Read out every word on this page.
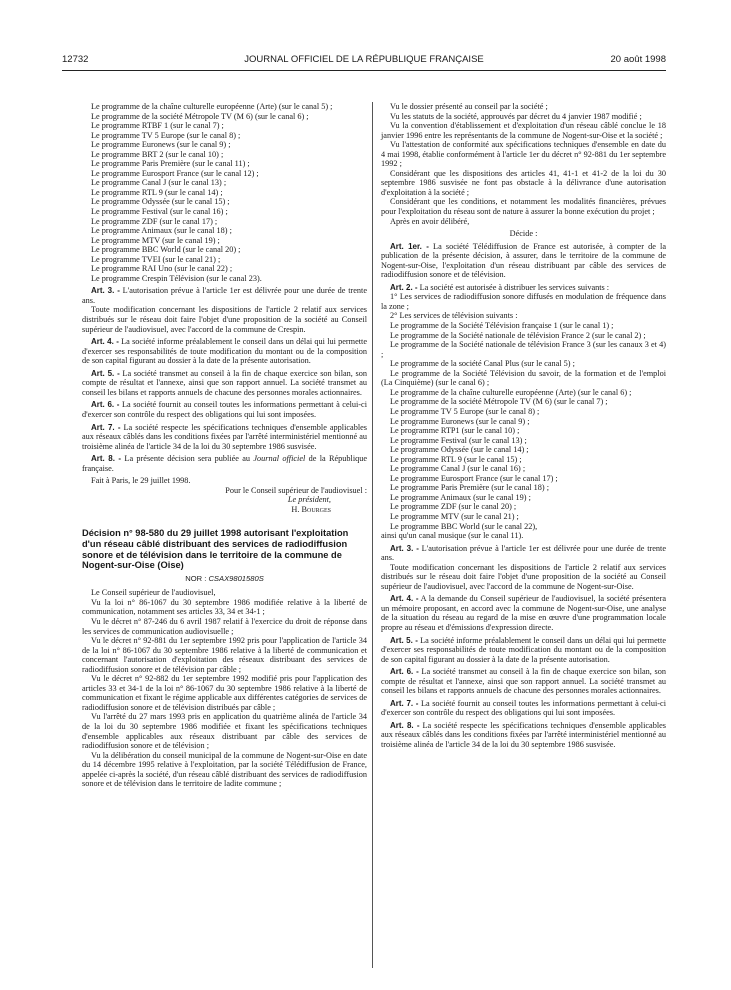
12732	JOURNAL OFFICIEL DE LA RÉPUBLIQUE FRANÇAISE	20 août 1998

Le programme de la chaîne culturelle européenne (Arte) (sur le canal 5) ;

Le programme de la société Métropole TV (M 6) (sur le canal 6) ;

Le programme RTBF 1 (sur le canal 7) ;

Le programme TV 5 Europe (sur le canal 8) ;

Le programme Euronews (sur le canal 9) ;

Le programme BRT 2 (sur le canal 10) ;

Le programme Paris Première (sur le canal 11) ;

Le programme Eurosport France (sur le canal 12) ;

Le programme Canal J (sur le canal 13) ;

Le programme RTL 9 (sur le canal 14) ;

Le programme Odyssée (sur le canal 15) ;

Le programme Festival (sur le canal 16) ;

Le programme ZDF (sur le canal 17) ;

Le programme Animaux (sur le canal 18) ;

Le programme MTV (sur le canal 19) ;

Le programme BBC World (sur le canal 20) ;

Le programme TVEI (sur le canal 21) ;

Le programme RAI Uno (sur le canal 22) ;

Le programme Crespin Télévision (sur le canal 23).

Art. 3. - L'autorisation prévue à l'article 1er est délivrée pour une durée de trente ans.

Toute modification concernant les dispositions de l'article 2 relatif aux services distribués sur le réseau doit faire l'objet d'une proposition de la société au Conseil supérieur de l'audiovisuel, avec l'accord de la commune de Crespin.

Art. 4. - La société informe préalablement le conseil dans un délai qui lui permette d'exercer ses responsabilités de toute modification du montant ou de la composition de son capital figurant au dossier à la date de la présente autorisation.

Art. 5. - La société transmet au conseil à la fin de chaque exercice son bilan, son compte de résultat et l'annexe, ainsi que son rapport annuel. La société transmet au conseil les bilans et rapports annuels de chacune des personnes morales actionnaires.

Art. 6. - La société fournit au conseil toutes les informations permettant à celui-ci d'exercer son contrôle du respect des obligations qui lui sont imposées.

Art. 7. - La société respecte les spécifications techniques d'ensemble applicables aux réseaux câblés dans les conditions fixées par l'arrêté interministériel mentionné au troisième alinéa de l'article 34 de la loi du 30 septembre 1986 susvisée.

Art. 8. - La présente décision sera publiée au Journal officiel de la République française.

Fait à Paris, le 29 juillet 1998.

Pour le Conseil supérieur de l'audiovisuel :

Le président,

H. Bourges

Décision n° 98-580 du 29 juillet 1998 autorisant l'exploitation d'un réseau câblé distribuant des services de radiodiffusion sonore et de télévision dans le territoire de la commune de Nogent-sur-Oise (Oise)

NOR : CSAX9801580S

Le Conseil supérieur de l'audiovisuel,

Vu la loi n° 86-1067 du 30 septembre 1986 modifiée relative à la liberté de communication, notamment ses articles 33, 34 et 34-1 ;

Vu le décret n° 87-246 du 6 avril 1987 relatif à l'exercice du droit de réponse dans les services de communication audiovisuelle ;

Vu le décret n° 92-881 du 1er septembre 1992 pris pour l'application de l'article 34 de la loi n° 86-1067 du 30 septembre 1986 relative à la liberté de communication et concernant l'autorisation d'exploitation des réseaux distribuant des services de radiodiffusion sonore et de télévision par câble ;

Vu le décret n° 92-882 du 1er septembre 1992 modifié pris pour l'application des articles 33 et 34-1 de la loi n° 86-1067 du 30 septembre 1986 relative à la liberté de communication et fixant le régime applicable aux différentes catégories de services de radiodiffusion sonore et de télévision distribués par câble ;

Vu l'arrêté du 27 mars 1993 pris en application du quatrième alinéa de l'article 34 de la loi du 30 septembre 1986 modifiée et fixant les spécifications techniques d'ensemble applicables aux réseaux distribuant par câble des services de radiodiffusion sonore et de télévision ;

Vu la délibération du conseil municipal de la commune de Nogent-sur-Oise en date du 14 décembre 1995 relative à l'exploitation, par la société Télédiffusion de France, appelée ci-après la société, d'un réseau câblé distribuant des services de radiodiffusion sonore et de télévision dans le territoire de ladite commune ;

Vu le dossier présenté au conseil par la société ;

Vu les statuts de la société, approuvés par décret du 4 janvier 1987 modifié ;

Vu la convention d'établissement et d'exploitation d'un réseau câblé conclue le 18 janvier 1996 entre les représentants de la commune de Nogent-sur-Oise et la société ;

Vu l'attestation de conformité aux spécifications techniques d'ensemble en date du 4 mai 1998, établie conformément à l'article 1er du décret n° 92-881 du 1er septembre 1992 ;

Considérant que les dispositions des articles 41, 41-1 et 41-2 de la loi du 30 septembre 1986 susvisée ne font pas obstacle à la délivrance d'une autorisation d'exploitation à la société ;

Considérant que les conditions, et notamment les modalités financières, prévues pour l'exploitation du réseau sont de nature à assurer la bonne exécution du projet ;

Après en avoir délibéré,

Décide :

Art. 1er. - La société Télédiffusion de France est autorisée, à compter de la publication de la présente décision, à assurer, dans le territoire de la commune de Nogent-sur-Oise, l'exploitation d'un réseau distribuant par câble des services de radiodiffusion sonore et de télévision.

Art. 2. - La société est autorisée à distribuer les services suivants :

1° Les services de radiodiffusion sonore diffusés en modulation de fréquence dans la zone ;

2° Les services de télévision suivants :

Le programme de la Société Télévision française 1 (sur le canal 1) ;

Le programme de la Société nationale de télévision France 2 (sur le canal 2) ;

Le programme de la Société nationale de télévision France 3 (sur les canaux 3 et 4) ;

Le programme de la société Canal Plus (sur le canal 5) ;

Le programme de la Société Télévision du savoir, de la formation et de l'emploi (La Cinquième) (sur le canal 6) ;

Le programme de la chaîne culturelle européenne (Arte) (sur le canal 6) ;

Le programme de la société Métropole TV (M 6) (sur le canal 7) ;

Le programme TV 5 Europe (sur le canal 8) ;

Le programme Euronews (sur le canal 9) ;

Le programme RTP1 (sur le canal 10) ;

Le programme Festival (sur le canal 13) ;

Le programme Odyssée (sur le canal 14) ;

Le programme RTL 9 (sur le canal 15) ;

Le programme Canal J (sur le canal 16) ;

Le programme Eurosport France (sur le canal 17) ;

Le programme Paris Première (sur le canal 18) ;

Le programme Animaux (sur le canal 19) ;

Le programme ZDF (sur le canal 20) ;

Le programme MTV (sur le canal 21) ;

Le programme BBC World (sur le canal 22),

ainsi qu'un canal musique (sur le canal 11).

Art. 3. - L'autorisation prévue à l'article 1er est délivrée pour une durée de trente ans.

Toute modification concernant les dispositions de l'article 2 relatif aux services distribués sur le réseau doit faire l'objet d'une proposition de la société au Conseil supérieur de l'audiovisuel, avec l'accord de la commune de Nogent-sur-Oise.

Art. 4. - A la demande du Conseil supérieur de l'audiovisuel, la société présentera un mémoire proposant, en accord avec la commune de Nogent-sur-Oise, une analyse de la situation du réseau au regard de la mise en œuvre d'une programmation locale propre au réseau et d'émissions d'expression directe.

Art. 5. - La société informe préalablement le conseil dans un délai qui lui permette d'exercer ses responsabilités de toute modification du montant ou de la composition de son capital figurant au dossier à la date de la présente autorisation.

Art. 6. - La société transmet au conseil à la fin de chaque exercice son bilan, son compte de résultat et l'annexe, ainsi que son rapport annuel. La société transmet au conseil les bilans et rapports annuels de chacune des personnes morales actionnaires.

Art. 7. - La société fournit au conseil toutes les informations permettant à celui-ci d'exercer son contrôle du respect des obligations qui lui sont imposées.

Art. 8. - La société respecte les spécifications techniques d'ensemble applicables aux réseaux câblés dans les conditions fixées par l'arrêté interministériel mentionné au troisième alinéa de l'article 34 de la loi du 30 septembre 1986 susvisée.
